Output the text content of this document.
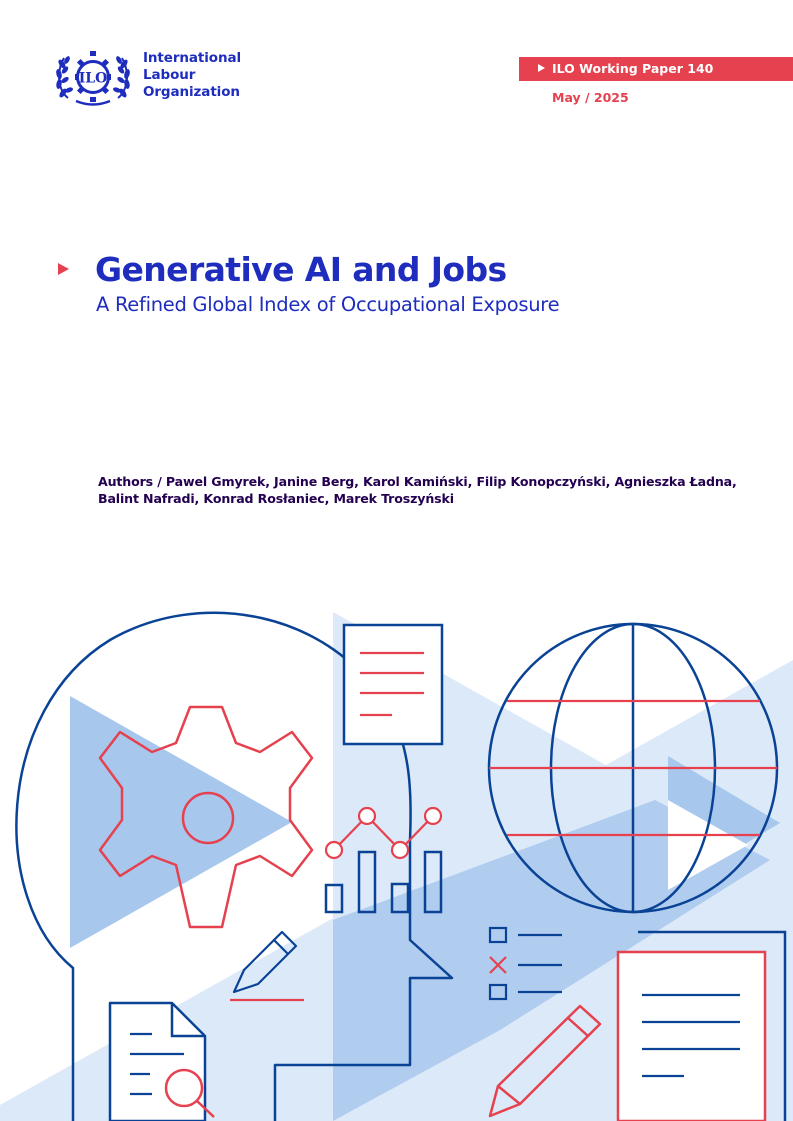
ILO
International
Labour
Organization
ILO Working Paper 140
May / 2025
Generative AI and Jobs
A Refined Global Index of Occupational Exposure
Authors / Pawel Gmyrek, Janine Berg, Karol Kamiński, Filip Konopczyński, Agnieszka Ładna, Balint Nafradi, Konrad Rosłaniec, Marek Troszyński
